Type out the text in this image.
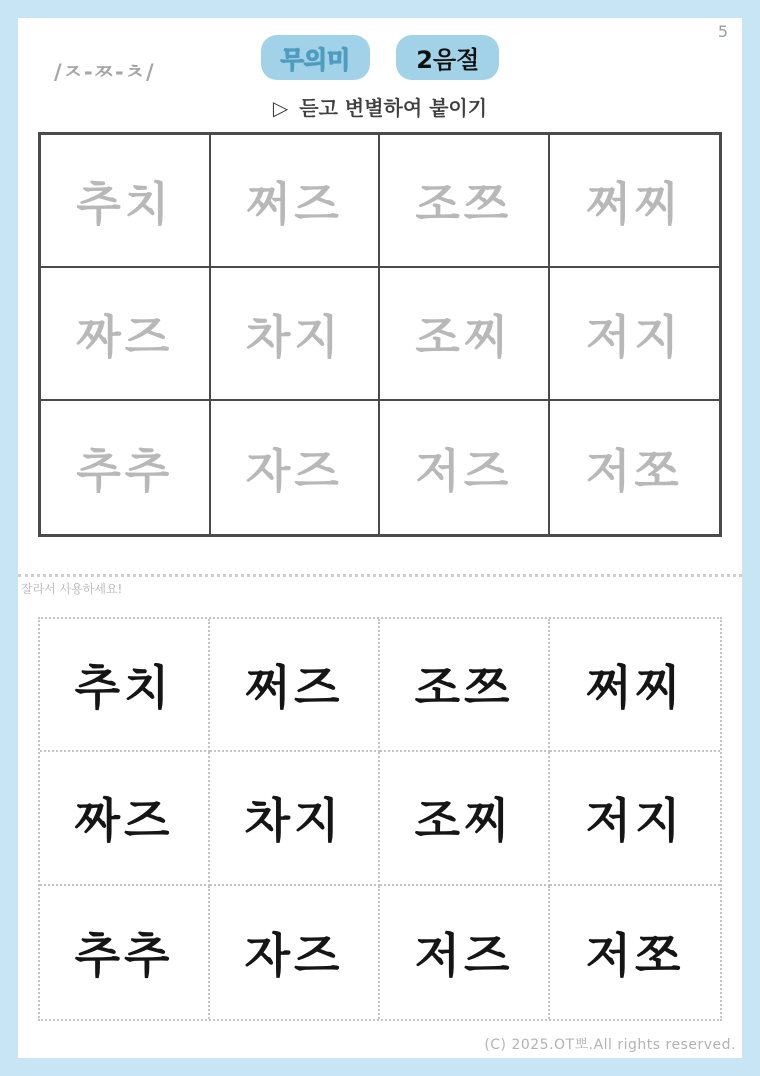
5
/ㅈ-ㅉ-ㅊ/	무의미	2음절
▷ 듣고 변별하여 붙이기
추치	쩌즈	조쯔	쩌찌
짜즈	차지	조찌	저지
추추	자즈	저즈	저쪼
잘라서 사용하세요!
추치	쩌즈	조쯔	쩌찌
짜즈	차지	조찌	저지
추추	자즈	저즈	저쪼
(C) 2025.OT뽀.All rights reserved.
